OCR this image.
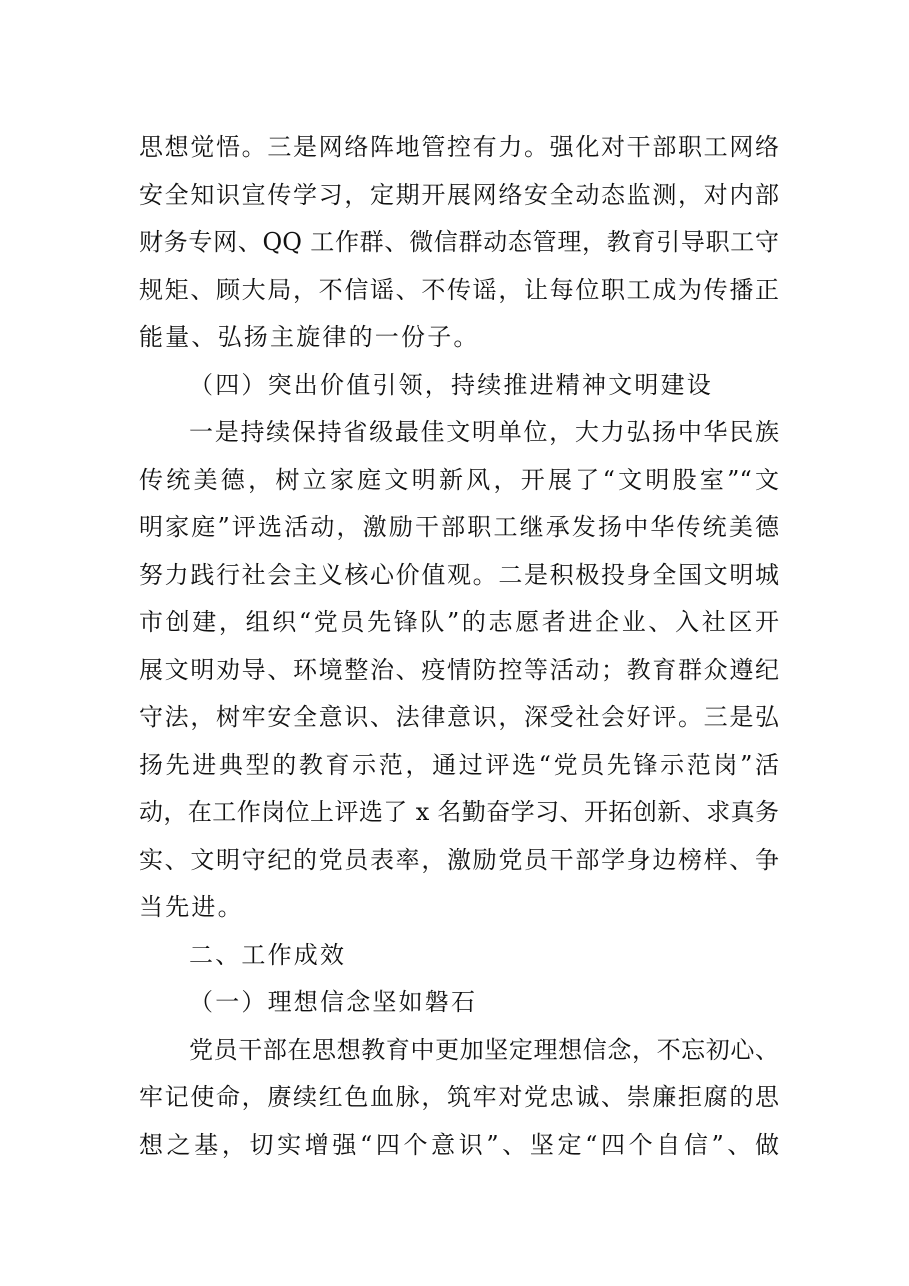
思想觉悟。三是网络阵地管控有力。强化对干部职工网络
安全知识宣传学习，定期开展网络安全动态监测，对内部
财务专网、QQ 工作群、微信群动态管理，教育引导职工守
规矩、顾大局，不信谣、不传谣，让每位职工成为传播正
能量、弘扬主旋律的一份子。
（四）突出价值引领，持续推进精神文明建设
一是持续保持省级最佳文明单位，大力弘扬中华民族
传统美德，树立家庭文明新风，开展了“文明股室”“文
明家庭”评选活动，激励干部职工继承发扬中华传统美德
努力践行社会主义核心价值观。二是积极投身全国文明城
市创建，组织“党员先锋队”的志愿者进企业、入社区开
展文明劝导、环境整治、疫情防控等活动；教育群众遵纪
守法，树牢安全意识、法律意识，深受社会好评。三是弘
扬先进典型的教育示范，通过评选“党员先锋示范岗”活
动，在工作岗位上评选了 x 名勤奋学习、开拓创新、求真务
实、文明守纪的党员表率，激励党员干部学身边榜样、争
当先进。
二、工作成效
（一）理想信念坚如磐石
党员干部在思想教育中更加坚定理想信念，不忘初心、
牢记使命，赓续红色血脉，筑牢对党忠诚、崇廉拒腐的思
想之基，切实增强“四个意识”、坚定“四个自信”、做
